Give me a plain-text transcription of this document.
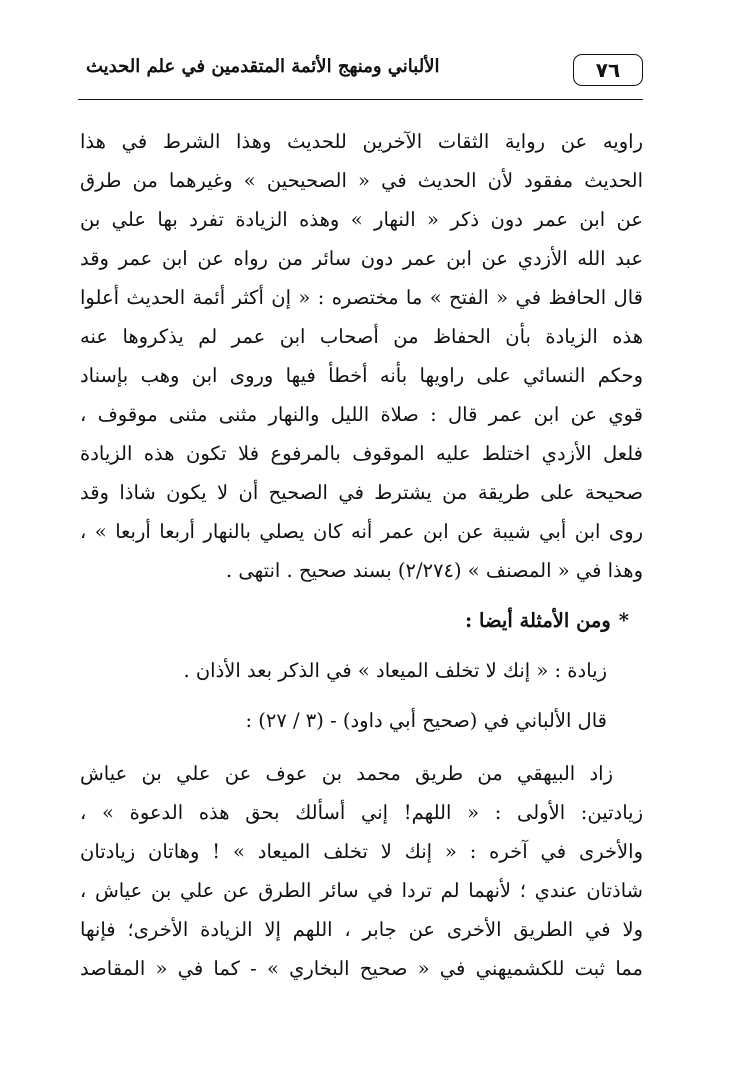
٧٦
الألباني ومنهج الأئمة المتقدمين في علم الحديث
راويه عن رواية الثقات الآخرين للحديث وهذا الشرط في هذا
الحديث مفقود لأن الحديث في « الصحيحين » وغيرهما من طرق
عن ابن عمر دون ذكر « النهار » وهذه الزيادة تفرد بها علي بن
عبد الله الأزدي عن ابن عمر دون سائر من رواه عن ابن عمر وقد
قال الحافظ في « الفتح » ما مختصره : « إن أكثر أئمة الحديث أعلوا
هذه الزيادة بأن الحفاظ من أصحاب ابن عمر لم يذكروها عنه
وحكم النسائي على راويها بأنه أخطأ فيها وروى ابن وهب بإسناد
قوي عن ابن عمر قال : صلاة الليل والنهار مثنى مثنى موقوف ،
فلعل الأزدي اختلط عليه الموقوف بالمرفوع فلا تكون هذه الزيادة
صحيحة على طريقة من يشترط في الصحيح أن لا يكون شاذا وقد
روى ابن أبي شيبة عن ابن عمر أنه كان يصلي بالنهار أربعا أربعا » ،
وهذا في « المصنف » (٢/٢٧٤) بسند صحيح . انتهى .
*ومن الأمثلة أيضا :
زيادة : « إنك لا تخلف الميعاد » في الذكر بعد الأذان .
قال الألباني في (صحيح أبي داود) - (٣ / ٢٧) :
زاد البيهقي من طريق محمد بن عوف عن علي بن عياش
زيادتين: الأولى : « اللهم! إني أسألك بحق هذه الدعوة » ،
والأخرى في آخره : « إنك لا تخلف الميعاد » ! وهاتان زيادتان
شاذتان عندي ؛ لأنهما لم تردا في سائر الطرق عن علي بن عياش ،
ولا في الطريق الأخرى عن جابر ، اللهم إلا الزيادة الأخرى؛ فإنها
مما ثبت للكشميهني في « صحيح البخاري » - كما في « المقاصد
